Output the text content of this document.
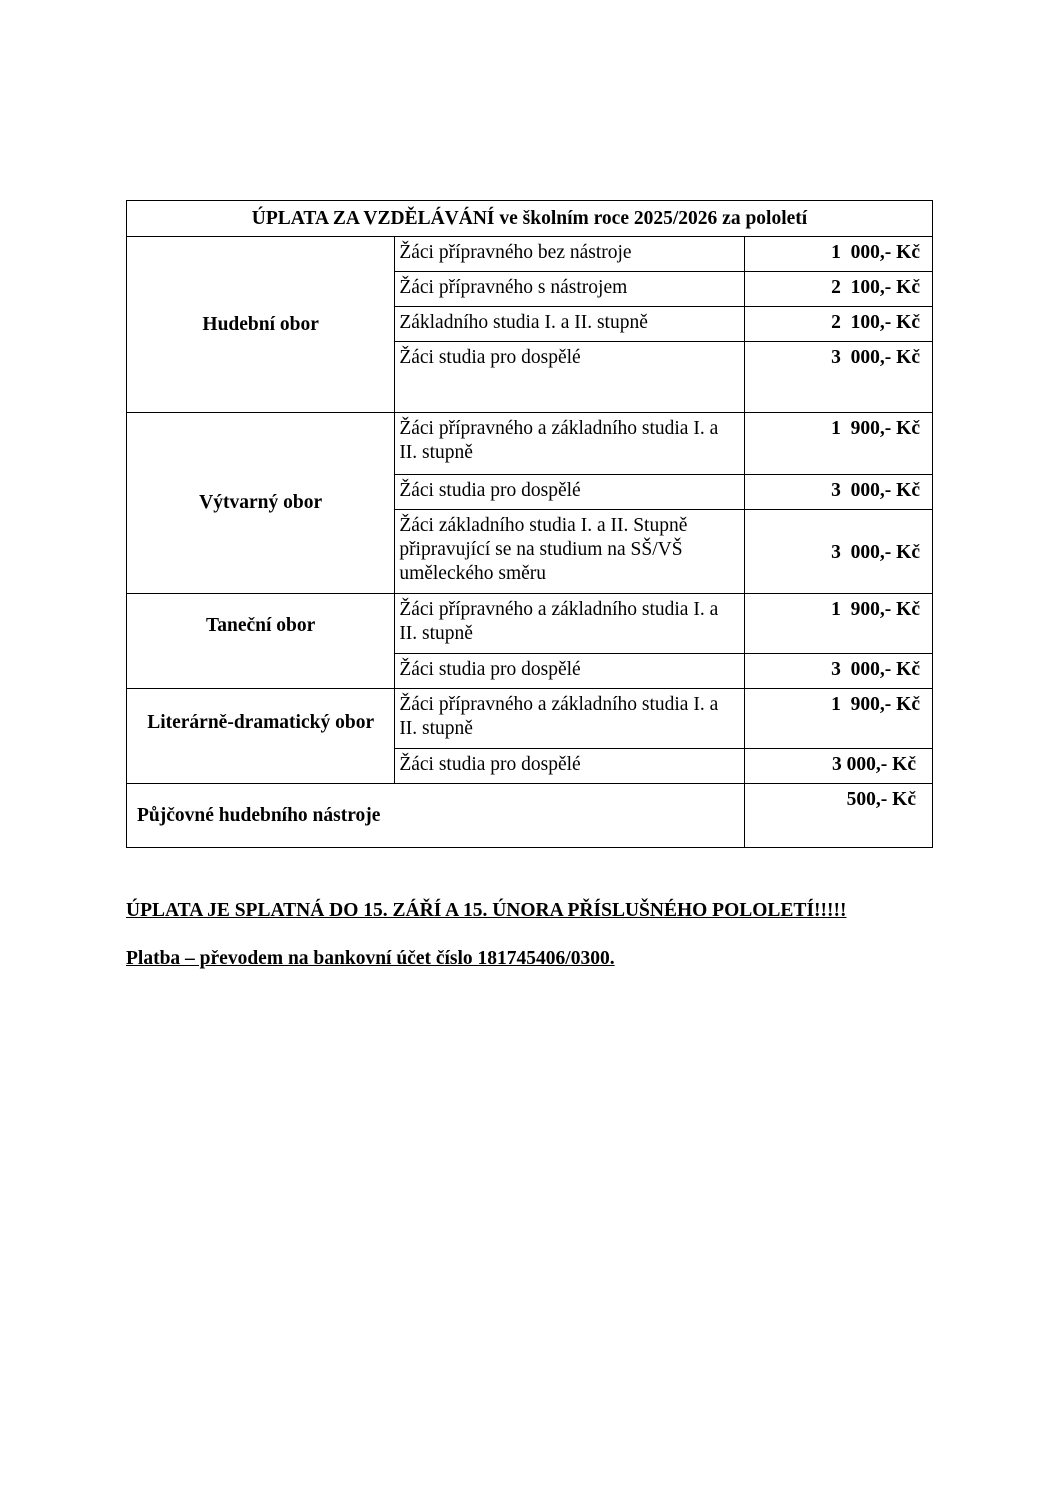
ÚPLATA ZA VZDĚLÁVÁNÍ ve školním roce 2025/2026 za pololetí		
Hudební obor	Žáci přípravného bez nástroje	1  000,- Kč
	Žáci přípravného s nástrojem	2  100,- Kč
	Základního studia I. a II. stupně	2  100,- Kč
	Žáci studia pro dospělé	3  000,- Kč
Výtvarný obor	Žáci přípravného a základního studia I. a II. stupně	1  900,- Kč
	Žáci studia pro dospělé	3  000,- Kč
	Žáci základního studia I. a II. Stupně připravující se na studium na SŠ/VŠ uměleckého směru	3  000,- Kč
Taneční obor	Žáci přípravného a základního studia I. a II. stupně	1  900,- Kč
	Žáci studia pro dospělé	3  000,- Kč
Literárně-dramatický obor	Žáci přípravného a základního studia I. a II. stupně	1  900,- Kč
	Žáci studia pro dospělé	3 000,- Kč
Půjčovné hudebního nástroje		500,- Kč
ÚPLATA JE SPLATNÁ DO 15. ZÁŘÍ A 15. ÚNORA PŘÍSLUŠNÉHO POLOLETÍ!!!!!
Platba – převodem na bankovní účet číslo 181745406/0300.
